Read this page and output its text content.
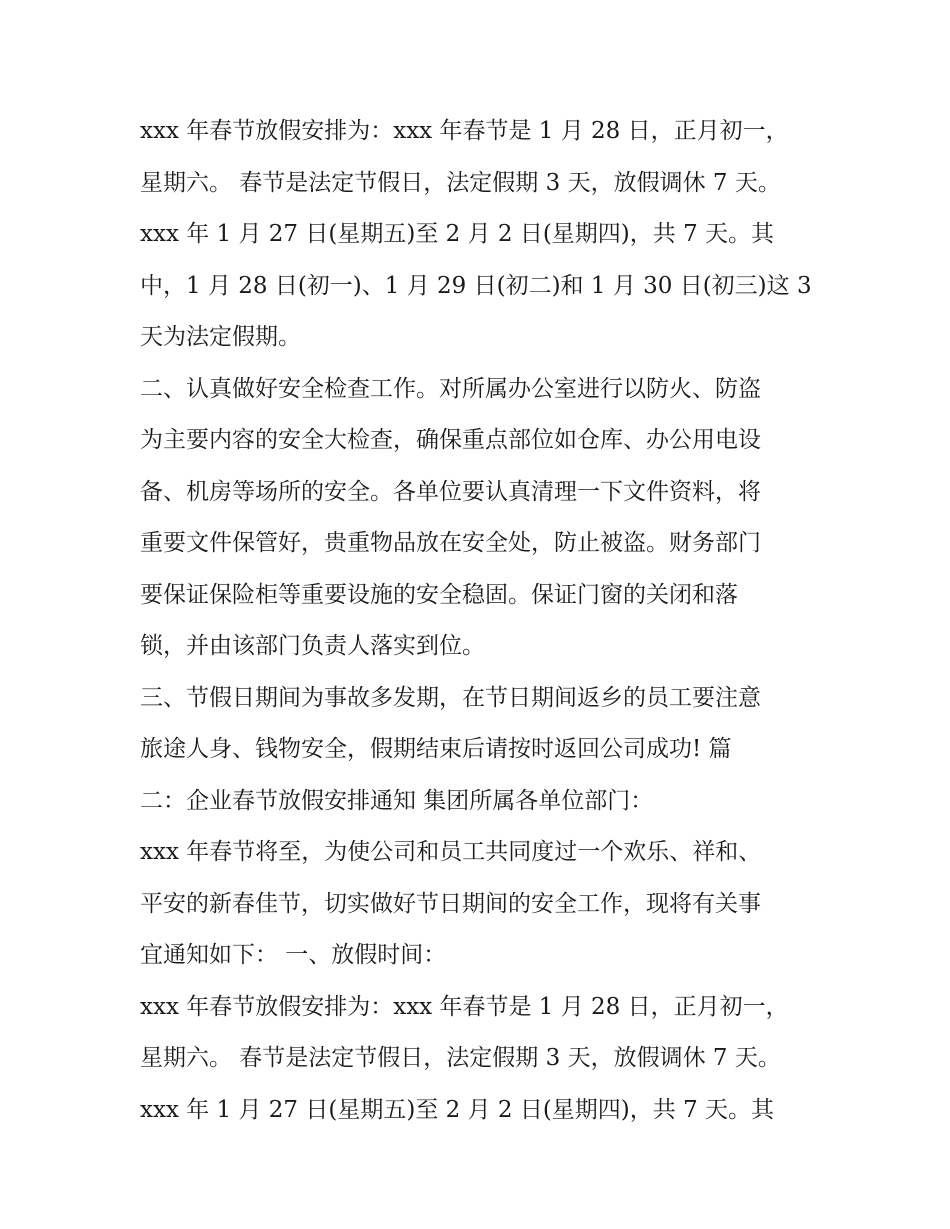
xxx 年春节放假安排为：xxx 年春节是 1 月 28 日，正月初一，
星期六。 春节是法定节假日，法定假期 3 天，放假调休 7 天。
xxx 年 1 月 27 日(星期五)至 2 月 2 日(星期四)，共 7 天。其
中，1 月 28 日(初一)、1 月 29 日(初二)和 1 月 30 日(初三)这 3
天为法定假期。
二、认真做好安全检查工作。对所属办公室进行以防火、防盗
为主要内容的安全大检查，确保重点部位如仓库、办公用电设
备、机房等场所的安全。各单位要认真清理一下文件资料，将
重要文件保管好，贵重物品放在安全处，防止被盗。财务部门
要保证保险柜等重要设施的安全稳固。保证门窗的关闭和落
锁，并由该部门负责人落实到位。
三、节假日期间为事故多发期，在节日期间返乡的员工要注意
旅途人身、钱物安全，假期结束后请按时返回公司成功! 篇
二：企业春节放假安排通知 集团所属各单位部门：
xxx 年春节将至，为使公司和员工共同度过一个欢乐、祥和、
平安的新春佳节，切实做好节日期间的安全工作，现将有关事
宜通知如下： 一、放假时间：
xxx 年春节放假安排为：xxx 年春节是 1 月 28 日，正月初一，
星期六。 春节是法定节假日，法定假期 3 天，放假调休 7 天。
xxx 年 1 月 27 日(星期五)至 2 月 2 日(星期四)，共 7 天。其
